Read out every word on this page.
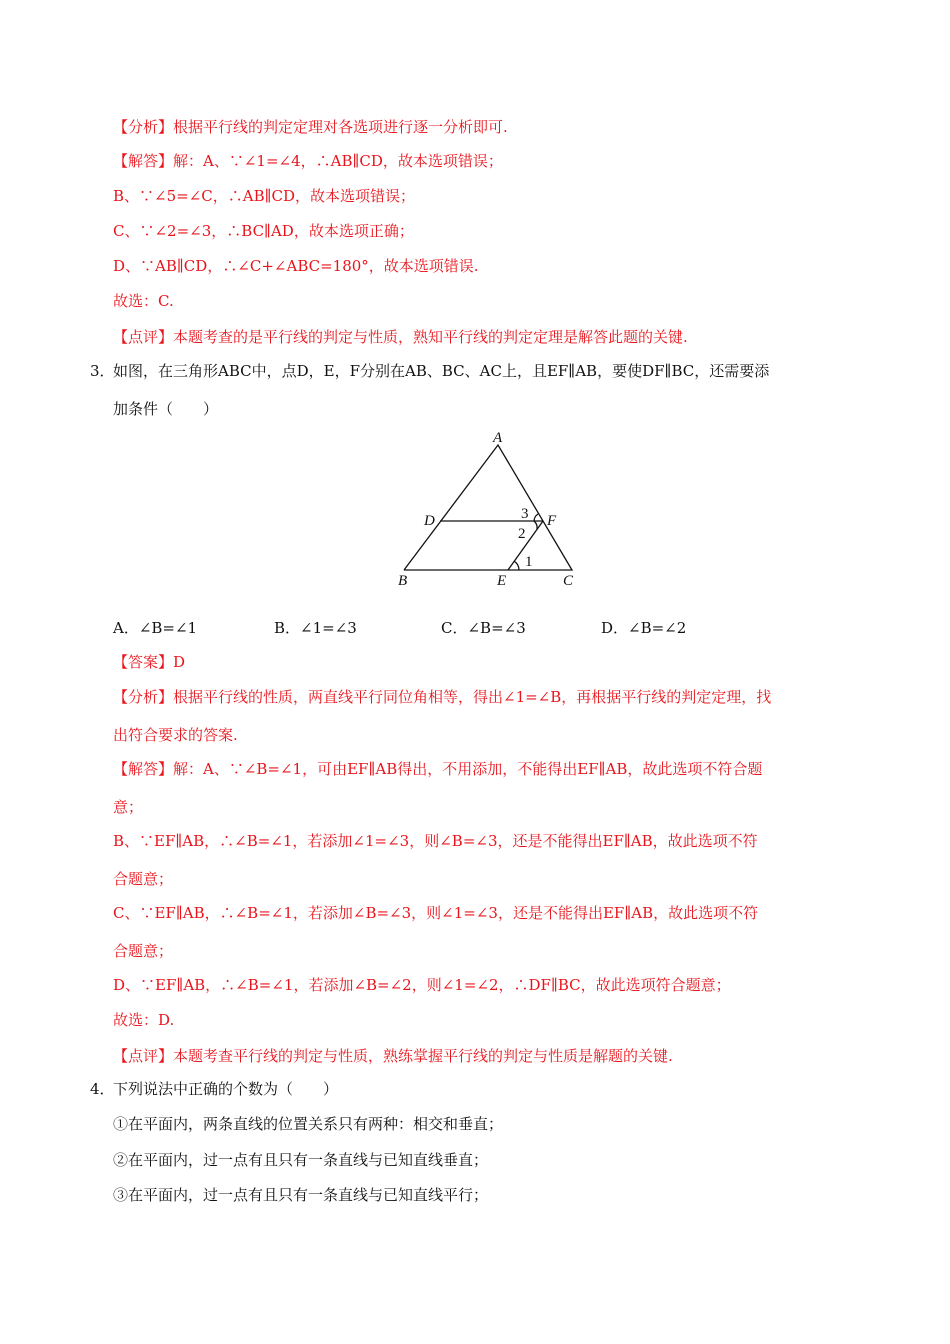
【分析】根据平行线的判定定理对各选项进行逐一分析即可.
【解答】解：A、∵∠1=∠4，∴AB∥CD，故本选项错误；
B、∵∠5=∠C，∴AB∥CD，故本选项错误；
C、∵∠2=∠3，∴BC∥AD，故本选项正确；
D、∵AB∥CD，∴∠C+∠ABC=180°，故本选项错误.
故选：C.
【点评】本题考查的是平行线的判定与性质，熟知平行线的判定定理是解答此题的关键.
3．
如图，在三角形ABC中，点D，E，F分别在AB、BC、AC上，且EF∥AB，要使DF∥BC，还需要添
加条件（　　）
A
B	C
D
E
F
1
2
3
A．∠B=∠1	B．∠1=∠3	C．∠B=∠3	D．∠B=∠2
【答案】D
【分析】根据平行线的性质，两直线平行同位角相等，得出∠1=∠B，再根据平行线的判定定理，找
出符合要求的答案.
【解答】解：A、∵∠B=∠1，可由EF∥AB得出，不用添加，不能得出EF∥AB，故此选项不符合题
意；
B、∵EF∥AB，∴∠B=∠1，若添加∠1=∠3，则∠B=∠3，还是不能得出EF∥AB，故此选项不符
合题意；
C、∵EF∥AB，∴∠B=∠1，若添加∠B=∠3，则∠1=∠3，还是不能得出EF∥AB，故此选项不符
合题意；
D、∵EF∥AB，∴∠B=∠1，若添加∠B=∠2，则∠1=∠2，∴DF∥BC，故此选项符合题意；
故选：D.
【点评】本题考查平行线的判定与性质，熟练掌握平行线的判定与性质是解题的关键.
4．
下列说法中正确的个数为（　　）
①在平面内，两条直线的位置关系只有两种：相交和垂直；
②在平面内，过一点有且只有一条直线与已知直线垂直；
③在平面内，过一点有且只有一条直线与已知直线平行；
